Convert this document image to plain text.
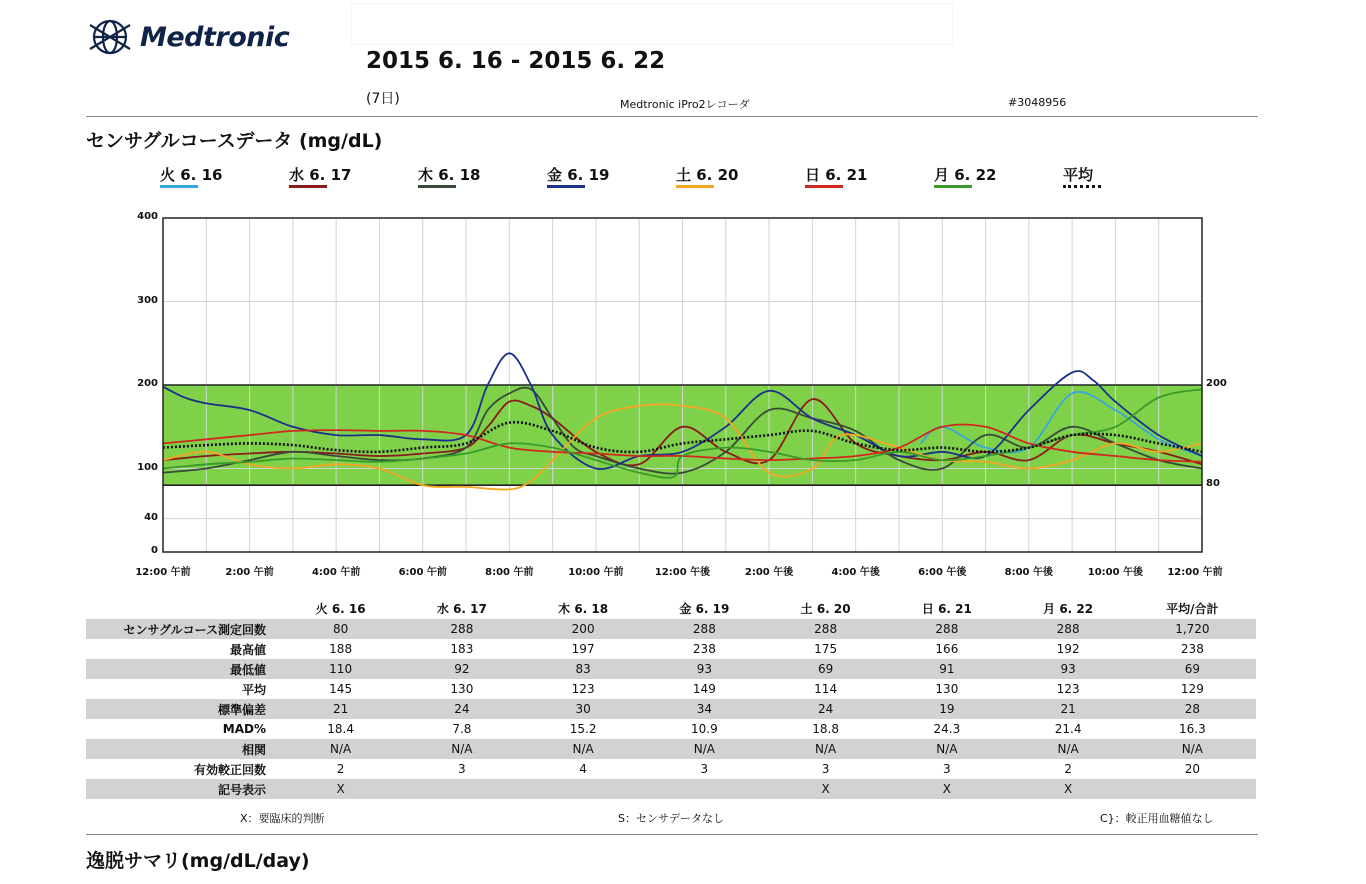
Medtronic
2015 6. 16 - 2015 6. 22
(7日)	Medtronic iPro2レコーダ	#3048956
センサグルコースデータ (mg/dL)
火 6. 16	水 6. 17	木 6. 18	金 6. 19	土 6. 20	日 6. 21	月 6. 22	平均
0
40
100
200
300
400
200
80
12:00 午前	2:00 午前	4:00 午前	6:00 午前	8:00 午前	10:00 午前	12:00 午後	2:00 午後	4:00 午後	6:00 午後	8:00 午後	10:00 午後	12:00 午前
	火 6. 16	水 6. 17	木 6. 18	金 6. 19	土 6. 20	日 6. 21	月 6. 22	平均/合計
センサグルコース測定回数	80	288	200	288	288	288	288	1,720
最高値	188	183	197	238	175	166	192	238
最低値	110	92	83	93	69	91	93	69
平均	145	130	123	149	114	130	123	129
標準偏差	21	24	30	34	24	19	21	28
MAD%	18.4	7.8	15.2	10.9	18.8	24.3	21.4	16.3
相関	N/A	N/A	N/A	N/A	N/A	N/A	N/A	N/A
有効較正回数	2	3	4	3	3	3	2	20
記号表示	X				X	X	X	
X：要臨床的判断	S：センサデータなし	C}：較正用血糖値なし
逸脱サマリ(mg/dL/day)
